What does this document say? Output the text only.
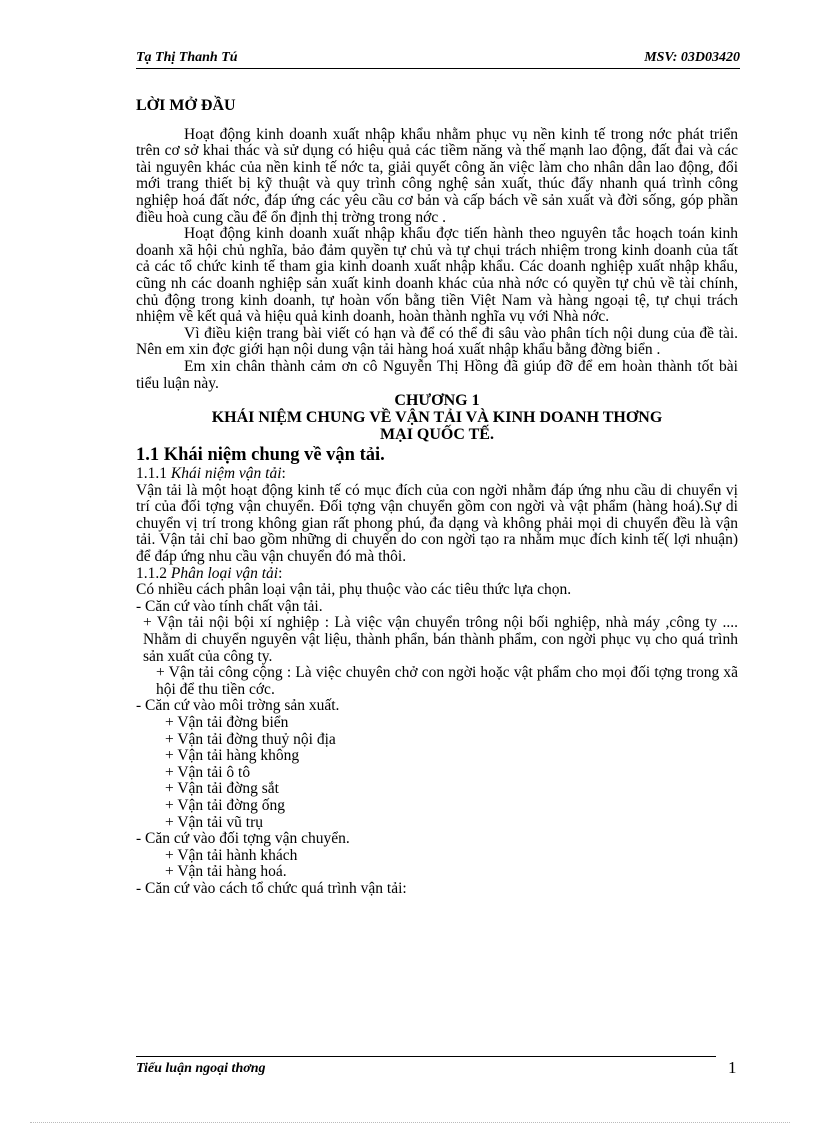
Tạ Thị Thanh Tú	MSV: 03D03420

LỜI MỞ ĐẦU

Hoạt động kinh doanh xuất nhập khẩu nhằm phục vụ nền kinh tế trong nớc phát triển trên cơ sở khai thác và sử dụng có hiệu quả các tiềm năng và thế mạnh lao động, đất đai và các tài nguyên khác của nền kinh tế nớc ta, giải quyết công ăn việc làm cho nhân dân lao động, đổi mới trang thiết bị kỹ thuật và quy trình công nghệ sản xuất, thúc đẩy nhanh quá trình công nghiệp hoá đất nớc, đáp ứng các yêu cầu cơ bản và cấp bách về sản xuất và đời sống, góp phần điều hoà cung cầu để ổn định thị trờng trong nớc .

Hoạt động kinh doanh xuất nhập khẩu đợc tiến hành theo nguyên tắc hoạch toán kinh doanh xã hội chủ nghĩa, bảo đảm quyền tự chủ và tự chụi trách nhiệm trong kinh doanh của tất cả các tổ chức kinh tế tham gia kinh doanh xuất nhập khẩu. Các doanh nghiệp xuất nhập khẩu, cũng nh các doanh nghiệp sản xuất kinh doanh khác của nhà nớc có quyền tự chủ về tài chính, chủ động trong kinh doanh, tự hoàn vốn bằng tiền Việt Nam và hàng ngoại tệ, tự chụi trách nhiệm về kết quả và hiệu quả kinh doanh, hoàn thành nghĩa vụ với Nhà nớc.

Vì điều kiện trang bài viết có hạn và để có thể đi sâu vào phân tích nội dung của đề tài. Nên em xin đợc giới hạn nội dung vận tải hàng hoá xuất nhập khẩu bằng đờng biển .

Em xin chân thành cảm ơn cô Nguyễn Thị Hồng đã giúp đỡ để em hoàn thành tốt bài tiểu luận này.

CHƯƠNG 1

KHÁI NIỆM CHUNG VỀ VẬN TẢI VÀ KINH DOANH THƠNG MẠI QUỐC TẾ.

1.1 Khái niệm chung về vận tải.

1.1.1 Khái niệm vận tải:

Vận tải là một hoạt động kinh tế có mục đích của con ngời nhằm đáp ứng nhu cầu di chuyển vị trí của đối tợng vận chuyển. Đối tợng vận chuyển gồm con ngời và vật phẩm (hàng hoá).Sự di chuyển vị trí trong không gian rất phong phú, đa dạng và không phải mọi di chuyển đều là vận tải. Vận tải chỉ bao gồm những di chuyển do con ngời tạo ra nhằm mục đích kinh tế( lợi nhuận) để đáp ứng nhu cầu vận chuyển đó mà thôi.

1.1.2 Phân loại vận tải:

Có nhiều cách phân loại vận tải, phụ thuộc vào các tiêu thức lựa chọn.

- Căn cứ vào tính chất vận tải.

+ Vận tải nội bội xí nghiệp : Là việc vận chuyển trông nội bối nghiệp, nhà máy ,công ty .... Nhằm di chuyển nguyên vật liệu, thành phẩn, bán thành phẩm, con ngời phục vụ cho quá trình sản xuất của công ty.

+ Vận tải công cộng : Là việc chuyên chở con ngời hoặc vật phẩm cho mọi đối tợng trong xã hội để thu tiền cớc.

- Căn cứ vào môi trờng sản xuất.

+ Vận tải đờng biển

+ Vận tải đờng thuỷ nội địa

+ Vận tải hàng không

+ Vận tải ô tô

+ Vận tải đờng sắt

+ Vận tải đờng ống

+ Vận tải vũ trụ

- Căn cứ vào đối tợng vận chuyển.

+ Vận tải hành khách

+ Vận tải hàng hoá.

- Căn cứ vào cách tổ chức quá trình vận tải:

Tiểu luận ngoại thơng	1
